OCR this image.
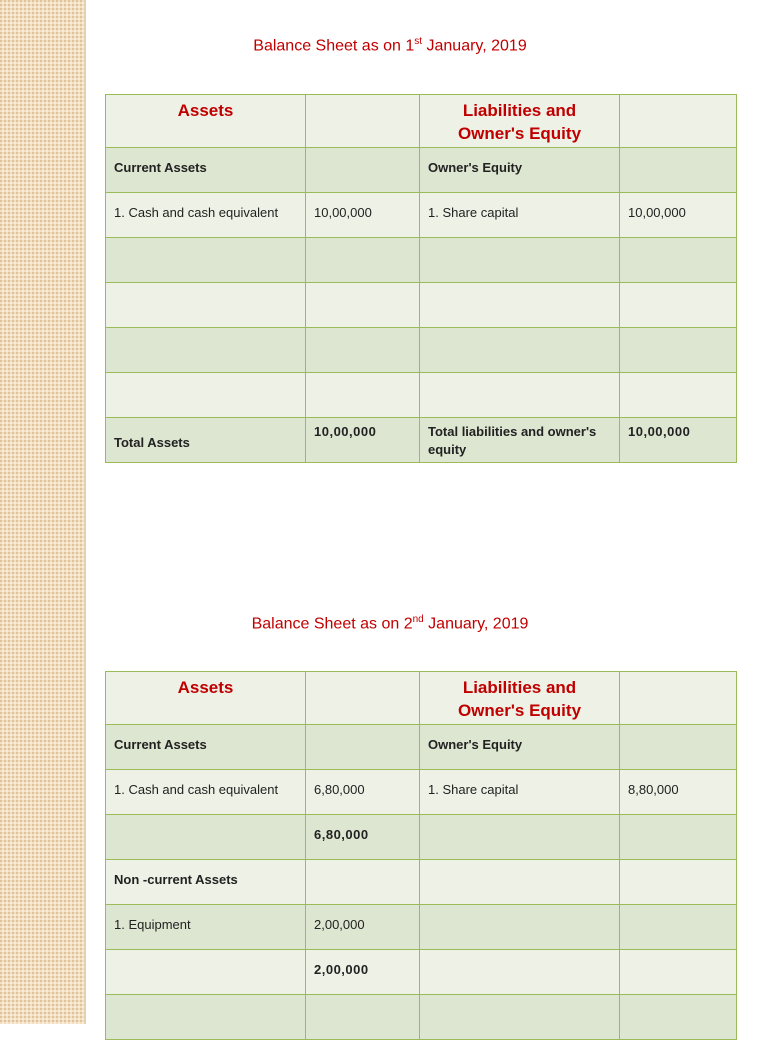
Balance Sheet as on 1st January, 2019
Assets		Liabilities and
Owner's Equity	
Current Assets		Owner's Equity	
1. Cash and cash equivalent	10,00,000	1. Share capital	10,00,000

Total Assets	10,00,000	Total liabilities and owner's equity	10,00,000
Balance Sheet as on 2nd January, 2019
Assets		Liabilities and
Owner's Equity	
Current Assets		Owner's Equity	
1. Cash and cash equivalent	6,80,000	1. Share capital	8,80,000
	6,80,000		
Non -current Assets			
1. Equipment	2,00,000		
	2,00,000		
